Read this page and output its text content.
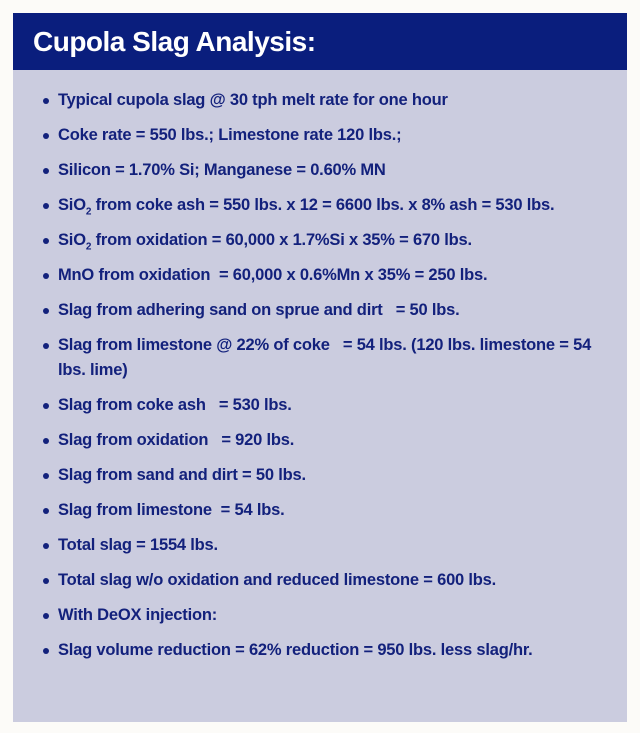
Cupola Slag Analysis:
Typical cupola slag @ 30 tph melt rate for one hour
Coke rate = 550 lbs.; Limestone rate 120 lbs.;
Silicon = 1.70% Si; Manganese = 0.60% MN
SiO$_2$ from coke ash = 550 lbs. x 12 = 6600 lbs. x 8% ash = 530 lbs.
SiO$_2$ from oxidation = 60,000 x 1.7%Si x 35% = 670 lbs.
MnO from oxidation  = 60,000 x 0.6%Mn x 35% = 250 lbs.
Slag from adhering sand on sprue and dirt   = 50 lbs.
Slag from limestone @ 22% of coke   = 54 lbs. (120 lbs. limestone = 54 lbs. lime)
Slag from coke ash   = 530 lbs.
Slag from oxidation   = 920 lbs.
Slag from sand and dirt = 50 lbs.
Slag from limestone  = 54 lbs.
Total slag = 1554 lbs.
Total slag w/o oxidation and reduced limestone = 600 lbs.
With DeOX injection:
Slag volume reduction = 62% reduction = 950 lbs. less slag/hr.
